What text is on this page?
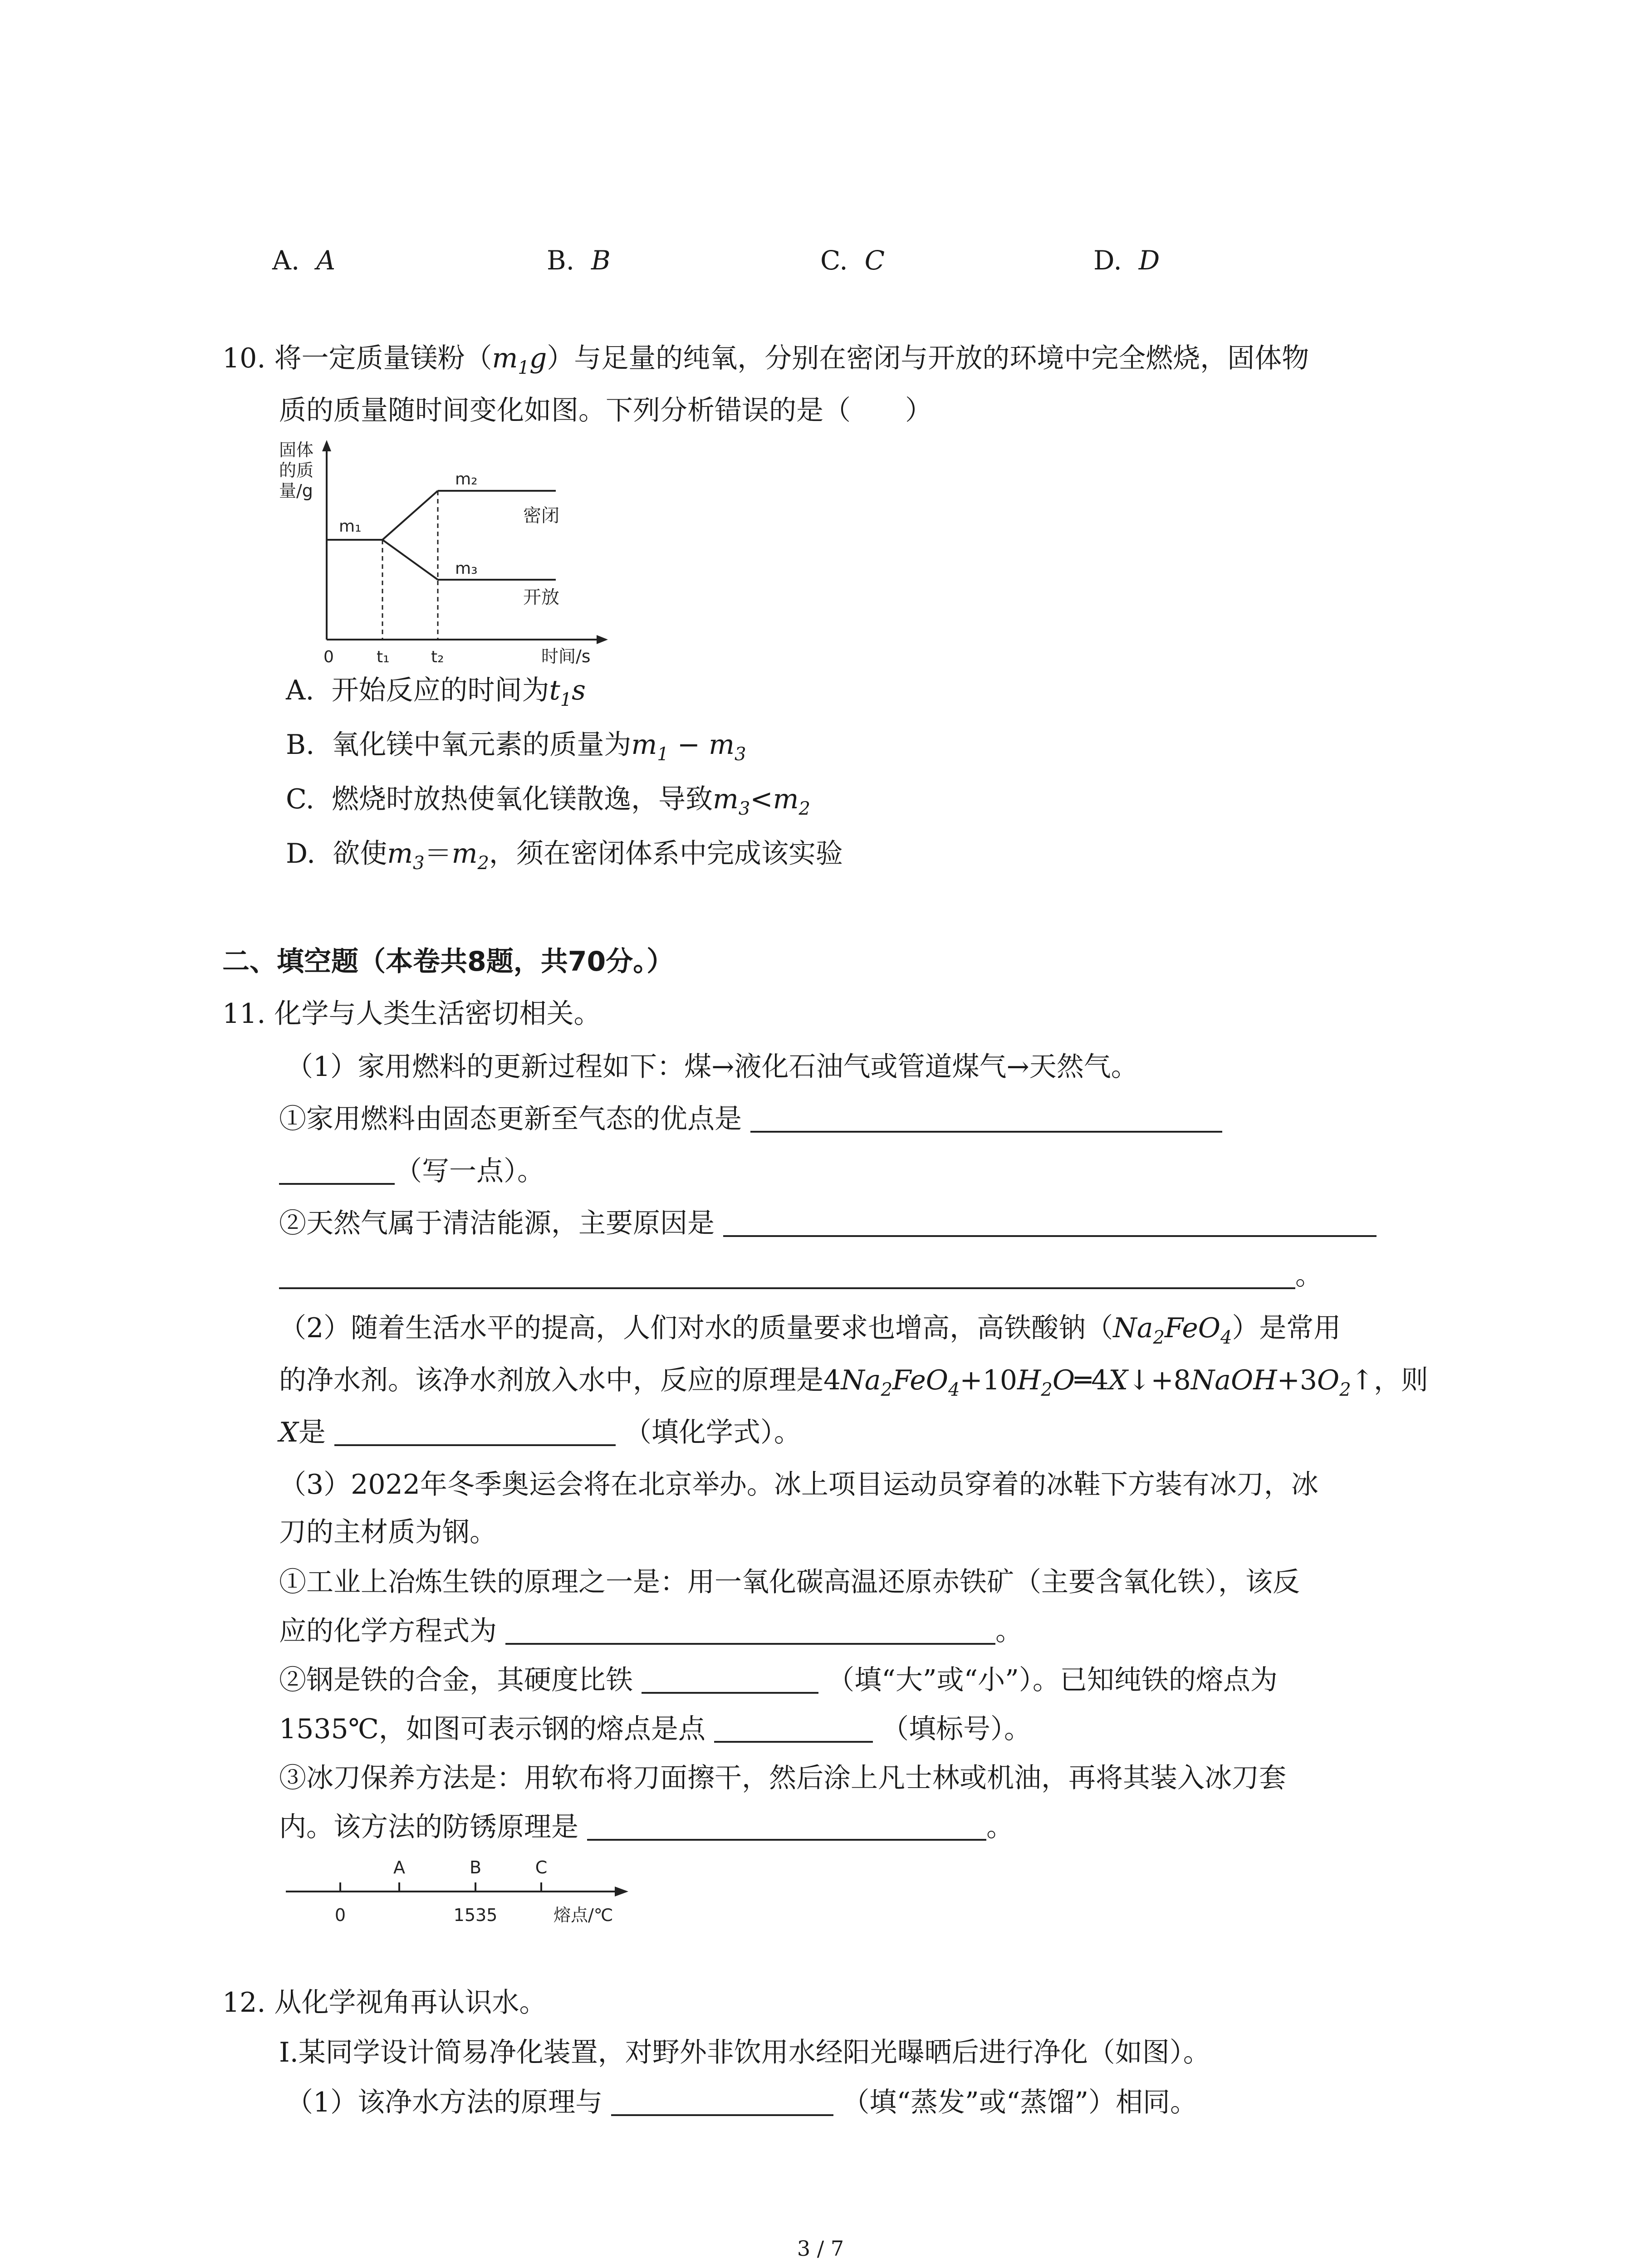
A. A	B. B	C. C	D. D
10. 将一定质量镁粉$(m_1g)$与足量的纯氧，分别在密闭与开放的环境中完全燃烧，固体物
质的质量随时间变化如图。下列分析错误的是（　　）
固体
的质
量/g
m₁
m₂
m₃
密闭
开放
0	t₁	t₂	时间/s
A. 开始反应的时间为$t_1s$
B. 氧化镁中氧元素的质量为$m_1 - m_3$
C. 燃烧时放热使氧化镁散逸，导致$m_3<m_2$
D. 欲使$m_3=m_2$，须在密闭体系中完成该实验
二、填空题（本卷共8题，共70分。）
11. 化学与人类生活密切相关。
（1）家用燃料的更新过程如下：煤→液化石油气或管道煤气→天然气。
①家用燃料由固态更新至气态的优点是
（写一点）。
②天然气属于清洁能源，主要原因是
。
（2）随着生活水平的提高，人们对水的质量要求也增高，高铁酸钠$(Na_2FeO_4)$是常用
的净水剂。该净水剂放入水中，反应的原理是$4Na_2FeO_4+10H_2O═4X↓+8NaOH+3O_2↑$，则
X是	（填化学式）。
（3）2022年冬季奥运会将在北京举办。冰上项目运动员穿着的冰鞋下方装有冰刀，冰
刀的主材质为钢。
①工业上冶炼生铁的原理之一是：用一氧化碳高温还原赤铁矿（主要含氧化铁），该反
应的化学方程式为	。
②钢是铁的合金，其硬度比铁	（填“大”或“小”）。已知纯铁的熔点为
1535℃，如图可表示钢的熔点是点	（填标号）。
③冰刀保养方法是：用软布将刀面擦干，然后涂上凡士林或机油，再将其装入冰刀套
内。该方法的防锈原理是	。
A	B	C
0	1535	熔点/℃
12. 从化学视角再认识水。
Ⅰ.某同学设计简易净化装置，对野外非饮用水经阳光曝晒后进行净化（如图）。
（1）该净水方法的原理与	（填“蒸发”或“蒸馏”）相同。
3 / 7
